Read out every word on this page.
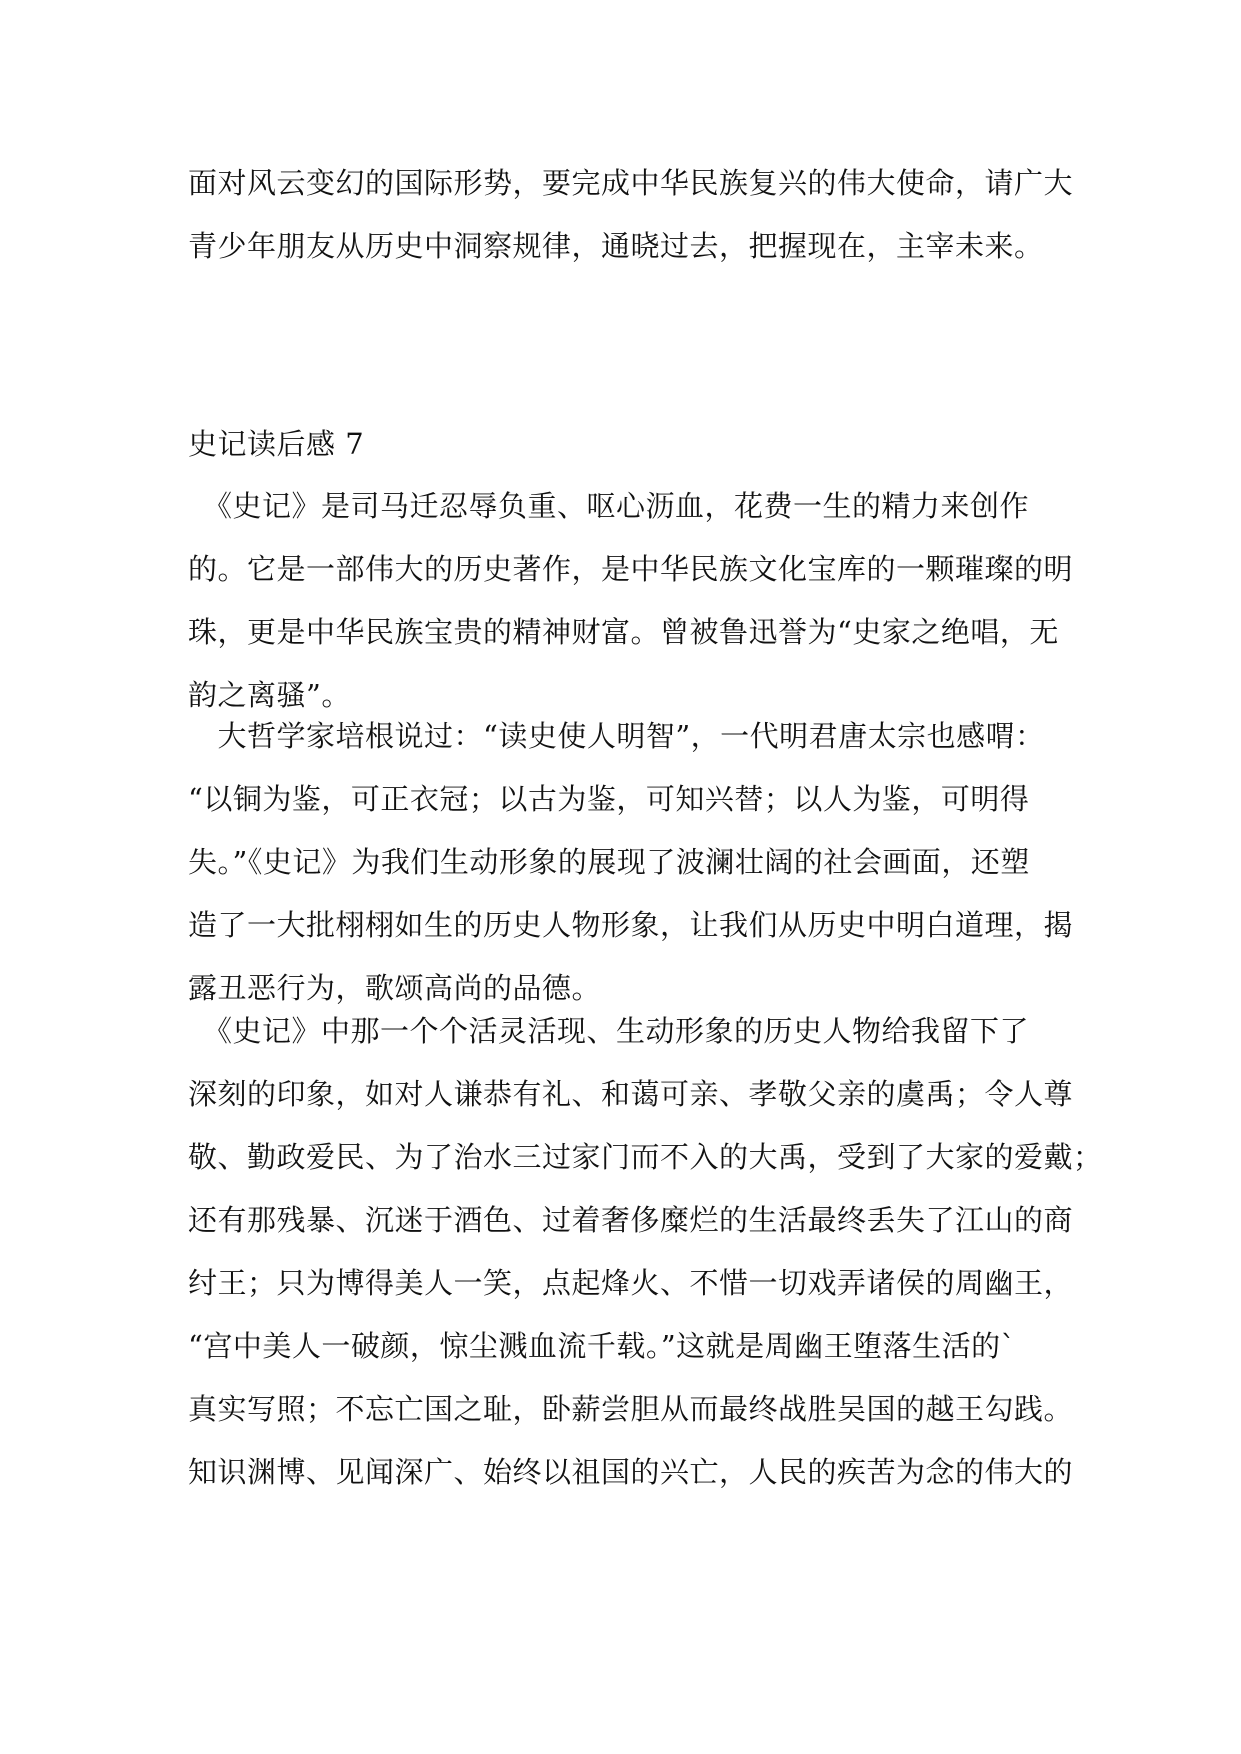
面对风云变幻的国际形势，要完成中华民族复兴的伟大使命，请广大
青少年朋友从历史中洞察规律，通晓过去，把握现在，主宰未来。
史记读后感 7
　《史记》是司马迁忍辱负重、呕心沥血，花费一生的精力来创作
的。它是一部伟大的历史著作，是中华民族文化宝库的一颗璀璨的明
珠，更是中华民族宝贵的精神财富。曾被鲁迅誉为“史家之绝唱，无
韵之离骚”。
　大哲学家培根说过：“读史使人明智”，一代明君唐太宗也感喟：
“以铜为鉴，可正衣冠；以古为鉴，可知兴替；以人为鉴，可明得
失。”《史记》为我们生动形象的展现了波澜壮阔的社会画面，还塑
造了一大批栩栩如生的历史人物形象，让我们从历史中明白道理，揭
露丑恶行为，歌颂高尚的品德。
　《史记》中那一个个活灵活现、生动形象的历史人物给我留下了
深刻的印象，如对人谦恭有礼、和蔼可亲、孝敬父亲的虞禹；令人尊
敬、勤政爱民、为了治水三过家门而不入的大禹，受到了大家的爱戴；
还有那残暴、沉迷于酒色、过着奢侈糜烂的生活最终丢失了江山的商
纣王；只为博得美人一笑，点起烽火、不惜一切戏弄诸侯的周幽王，
“宫中美人一破颜，惊尘溅血流千载。”这就是周幽王堕落生活的`
真实写照；不忘亡国之耻，卧薪尝胆从而最终战胜吴国的越王勾践。
知识渊博、见闻深广、始终以祖国的兴亡，人民的疾苦为念的伟大的
